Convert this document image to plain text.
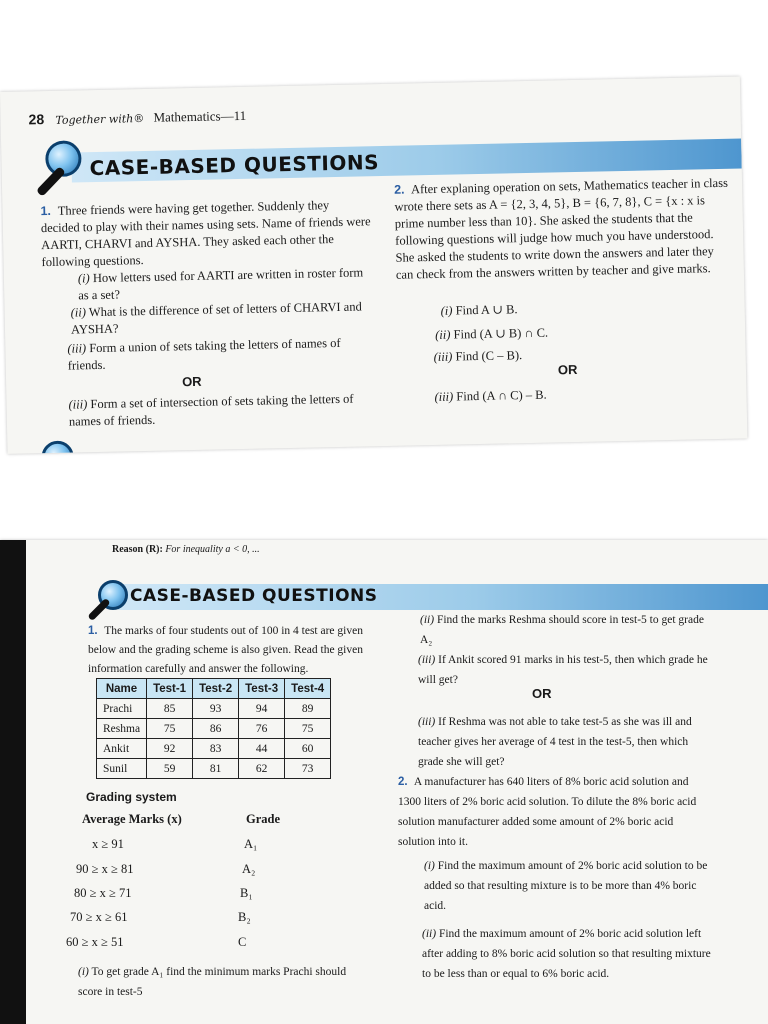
28 Together with® Mathematics—11
CASE-BASED QUESTIONS
1. Three friends were having get together. Suddenly they decided to play with their names using sets. Name of friends were AARTI, CHARVI and AYSHA. They asked each other the following questions.
(i) How letters used for AARTI are written in roster form as a set?
(ii) What is the difference of set of letters of CHARVI and AYSHA?
(iii) Form a union of sets taking the letters of names of friends.
OR
(iii) Form a set of intersection of sets taking the letters of names of friends.
2. After explaning operation on sets, Mathematics teacher in class wrote there sets as A = {2, 3, 4, 5}, B = {6, 7, 8}, C = {x : x is prime number less than 10}. She asked the students that the following questions will judge how much you have understood. She asked the students to write down the answers and later they can check from the answers written by teacher and give marks.
(i) Find A ∪ B.
(ii) Find (A ∪ B) ∩ C.
(iii) Find (C – B).
OR
(iii) Find (A ∩ C) – B.
Reason (R): For inequality a < 0, ...
CASE-BASED QUESTIONS
1. The marks of four students out of 100 in 4 test are given below and the grading scheme is also given. Read the given information carefully and answer the following.
Name	Test-1	Test-2	Test-3	Test-4
Prachi	85	93	94	89
Reshma	75	86	76	75
Ankit	92	83	44	60
Sunil	59	81	62	73
Grading system
Average Marks (x)	Grade
x ≥ 91	A₁
90 ≥ x ≥ 81	A₂
80 ≥ x ≥ 71	B₁
70 ≥ x ≥ 61	B₂
60 ≥ x ≥ 51	C
(i) To get grade A₁ find the minimum marks Prachi should score in test-5
(ii) Find the marks Reshma should score in test-5 to get grade A₂
(iii) If Ankit scored 91 marks in his test-5, then which grade he will get?
OR
(iii) If Reshma was not able to take test-5 as she was ill and teacher gives her average of 4 test in the test-5, then which grade she will get?
2. A manufacturer has 640 liters of 8% boric acid solution and 1300 liters of 2% boric acid solution. To dilute the 8% boric acid solution manufacturer added some amount of 2% boric acid solution into it.
(i) Find the maximum amount of 2% boric acid solution to be added so that resulting mixture is to be more than 4% boric acid.
(ii) Find the maximum amount of 2% boric acid solution left after adding to 8% boric acid solution so that resulting mixture to be less than or equal to 6% boric acid.
